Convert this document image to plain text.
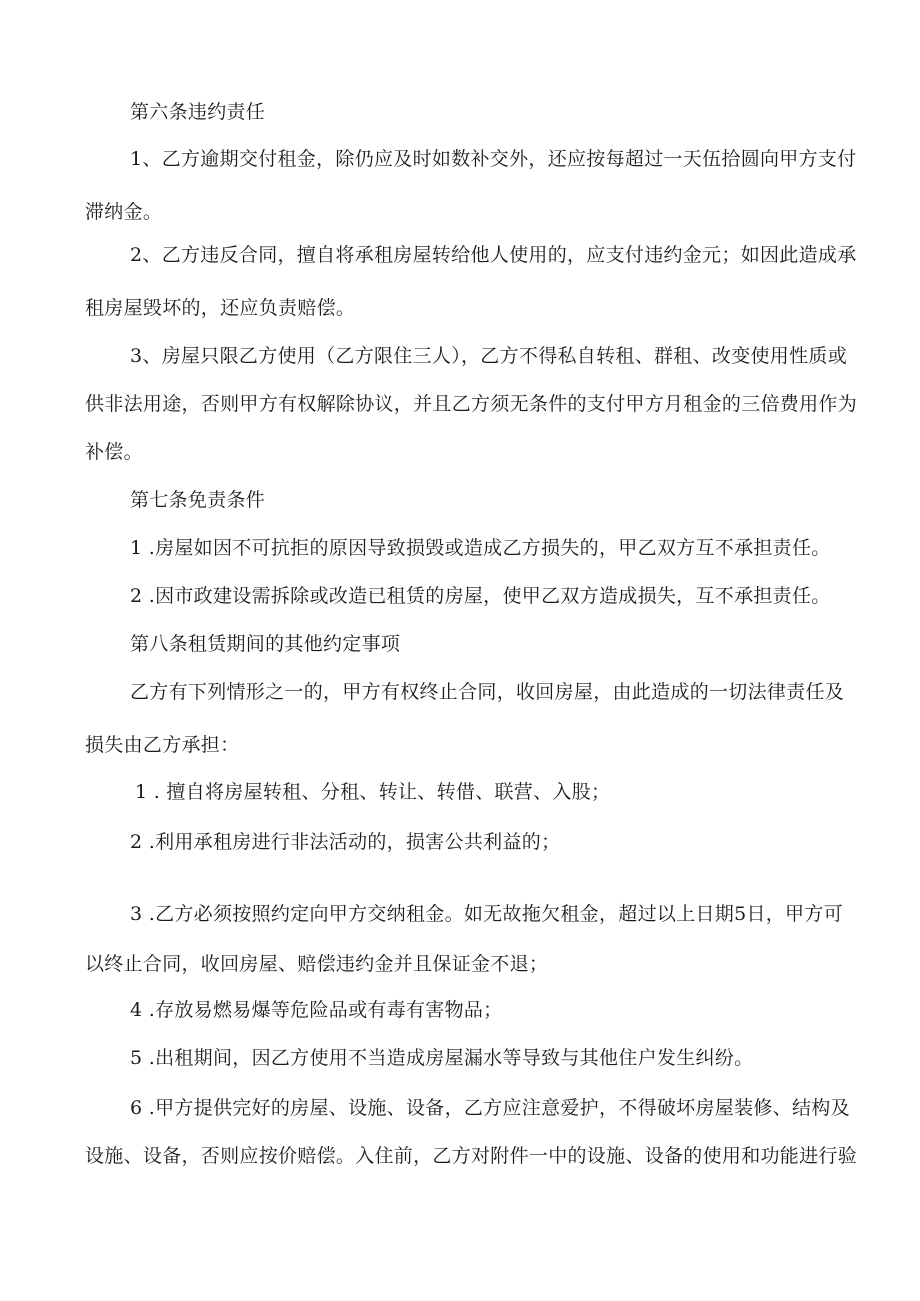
第六条违约责任
1、乙方逾期交付租金，除仍应及时如数补交外，还应按每超过一天伍拾圆向甲方支付
滞纳金。
2、乙方违反合同，擅自将承租房屋转给他人使用的，应支付违约金元；如因此造成承
租房屋毁坏的，还应负责赔偿。
3、房屋只限乙方使用（乙方限住三人），乙方不得私自转租、群租、改变使用性质或
供非法用途，否则甲方有权解除协议，并且乙方须无条件的支付甲方月租金的三倍费用作为
补偿。
第七条免责条件
1 .房屋如因不可抗拒的原因导致损毁或造成乙方损失的，甲乙双方互不承担责任。
2 .因市政建设需拆除或改造已租赁的房屋，使甲乙双方造成损失，互不承担责任。
第八条租赁期间的其他约定事项
乙方有下列情形之一的，甲方有权终止合同，收回房屋，由此造成的一切法律责任及
损失由乙方承担：
1 . 擅自将房屋转租、分租、转让、转借、联营、入股；
2 .利用承租房进行非法活动的，损害公共利益的；
3 .乙方必须按照约定向甲方交纳租金。如无故拖欠租金，超过以上日期5日，甲方可
以终止合同，收回房屋、赔偿违约金并且保证金不退；
4 .存放易燃易爆等危险品或有毒有害物品；
5 .出租期间，因乙方使用不当造成房屋漏水等导致与其他住户发生纠纷。
6 .甲方提供完好的房屋、设施、设备，乙方应注意爱护，不得破坏房屋装修、结构及
设施、设备，否则应按价赔偿。入住前，乙方对附件一中的设施、设备的使用和功能进行验
